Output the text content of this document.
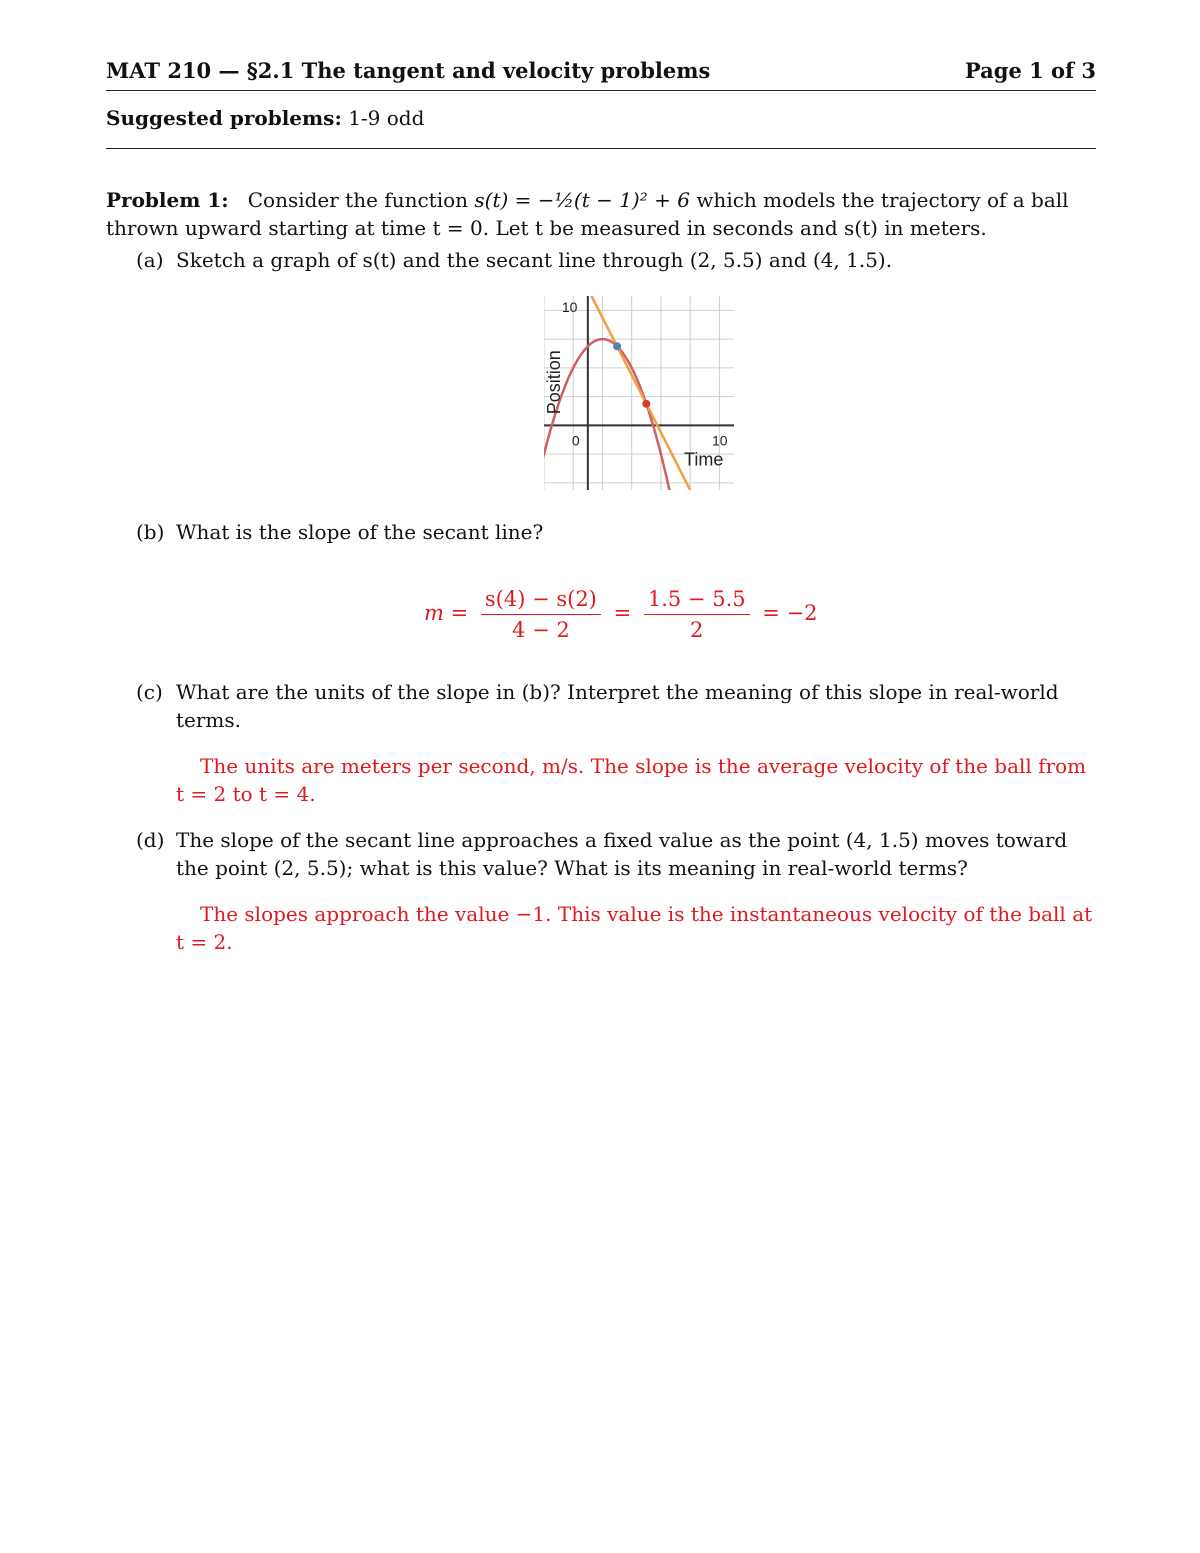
MAT 210 — §2.1 The tangent and velocity problems	Page 1 of 3
Suggested problems: 1-9 odd
Problem 1: Consider the function s(t) = −½(t − 1)² + 6 which models the trajectory of a ball
thrown upward starting at time t = 0. Let t be measured in seconds and s(t) in meters.
(a) Sketch a graph of s(t) and the secant line through (2, 5.5) and (4, 1.5).
(b) What is the slope of the secant line?
$m = \frac{s(4) - s(2)}{4 - 2} = \frac{1.5 - 5.5}{2} = -2$
(c) What are the units of the slope in (b)? Interpret the meaning of this slope in real-world terms.
The units are meters per second, m/s. The slope is the average velocity of the ball from t = 2 to t = 4.
(d) The slope of the secant line approaches a fixed value as the point (4, 1.5) moves toward the point (2, 5.5); what is this value? What is its meaning in real-world terms?
The slopes approach the value −1. This value is the instantaneous velocity of the ball at t = 2.
10
0
10
Time
Position
